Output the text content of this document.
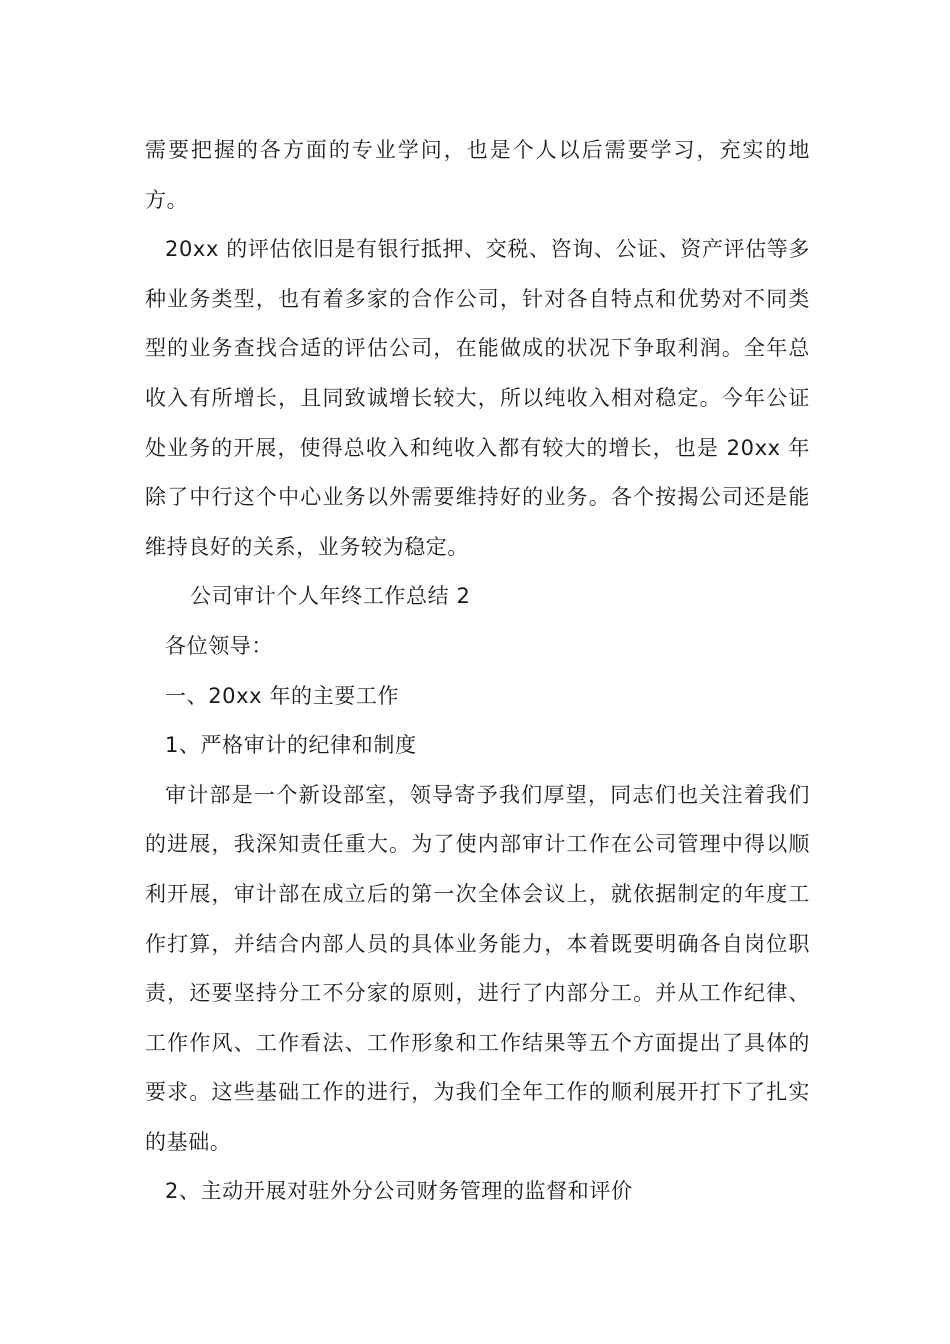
需要把握的各方面的专业学问，也是个人以后需要学习，充实的地方。

20xx 的评估依旧是有银行抵押、交税、咨询、公证、资产评估等多种业务类型，也有着多家的合作公司，针对各自特点和优势对不同类型的业务查找合适的评估公司，在能做成的状况下争取利润。全年总收入有所增长，且同致诚增长较大，所以纯收入相对稳定。今年公证处业务的开展，使得总收入和纯收入都有较大的增长，也是 20xx 年除了中行这个中心业务以外需要维持好的业务。各个按揭公司还是能维持良好的关系，业务较为稳定。

公司审计个人年终工作总结 2

各位领导：

一、20xx 年的主要工作

1、严格审计的纪律和制度

审计部是一个新设部室，领导寄予我们厚望，同志们也关注着我们的进展，我深知责任重大。为了使内部审计工作在公司管理中得以顺利开展，审计部在成立后的第一次全体会议上，就依据制定的年度工作打算，并结合内部人员的具体业务能力，本着既要明确各自岗位职责，还要坚持分工不分家的原则，进行了内部分工。并从工作纪律、工作作风、工作看法、工作形象和工作结果等五个方面提出了具体的要求。这些基础工作的进行，为我们全年工作的顺利展开打下了扎实的基础。

2、主动开展对驻外分公司财务管理的监督和评价
